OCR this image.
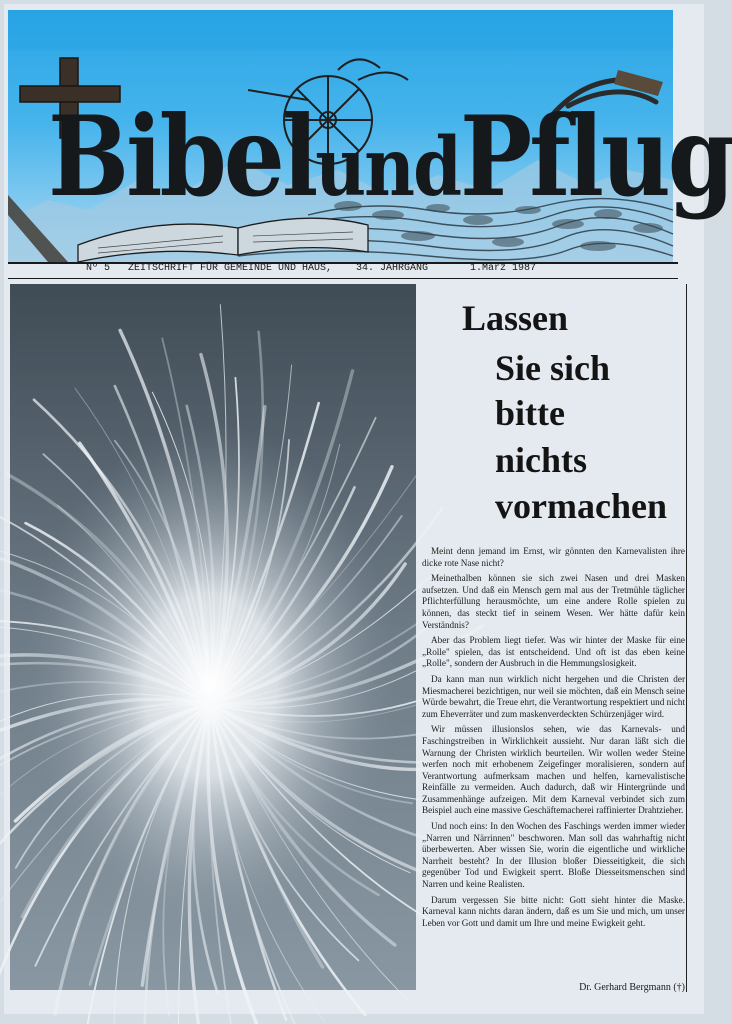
BibelundPflug
Nº 5 ZEITSCHRIFT FÜR GEMEINDE UND HAUS, 34. JAHRGANG	1.März 1987
Lassen
Sie sich
bitte
nichts
vormachen

Meint denn jemand im Ernst, wir gönnten den Karnevalisten ihre dicke rote Nase nicht?

Meinethalben können sie sich zwei Nasen und drei Masken aufsetzen. Und daß ein Mensch gern mal aus der Tretmühle täglicher Pflichterfüllung herausmöchte, um eine andere Rolle spielen zu können, das steckt tief in seinem Wesen. Wer hätte dafür kein Verständnis?

Aber das Problem liegt tiefer. Was wir hinter der Maske für eine „Rolle" spielen, das ist entscheidend. Und oft ist das eben keine „Rolle", sondern der Ausbruch in die Hemmungslosigkeit.

Da kann man nun wirklich nicht hergehen und die Christen der Miesmacherei bezichtigen, nur weil sie möchten, daß ein Mensch seine Würde bewahrt, die Treue ehrt, die Verantwortung respektiert und nicht zum Eheverräter und zum maskenverdeckten Schürzenjäger wird.

Wir müssen illusionslos sehen, wie das Karnevals- und Faschingstreiben in Wirklichkeit aussieht. Nur daran läßt sich die Warnung der Christen wirklich beurteilen. Wir wollen weder Steine werfen noch mit erhobenem Zeigefinger moralisieren, sondern auf Verantwortung aufmerksam machen und helfen, karnevalistische Reinfälle zu vermeiden. Auch dadurch, daß wir Hintergründe und Zusammenhänge aufzeigen. Mit dem Karneval verbindet sich zum Beispiel auch eine massive Geschäftemacherei raffinierter Drahtzieher.

Und noch eins: In den Wochen des Faschings werden immer wieder „Narren und Närrinnen" beschworen. Man soll das wahrhaftig nicht überbewerten. Aber wissen Sie, worin die eigentliche und wirkliche Narrheit besteht? In der Illusion bloßer Diesseitigkeit, die sich gegenüber Tod und Ewigkeit sperrt. Bloße Diesseitsmenschen sind Narren und keine Realisten.

Darum vergessen Sie bitte nicht: Gott sieht hinter die Maske. Karneval kann nichts daran ändern, daß es um Sie und mich, um unser Leben vor Gott und damit um Ihre und meine Ewigkeit geht.

Dr. Gerhard Bergmann (†)
